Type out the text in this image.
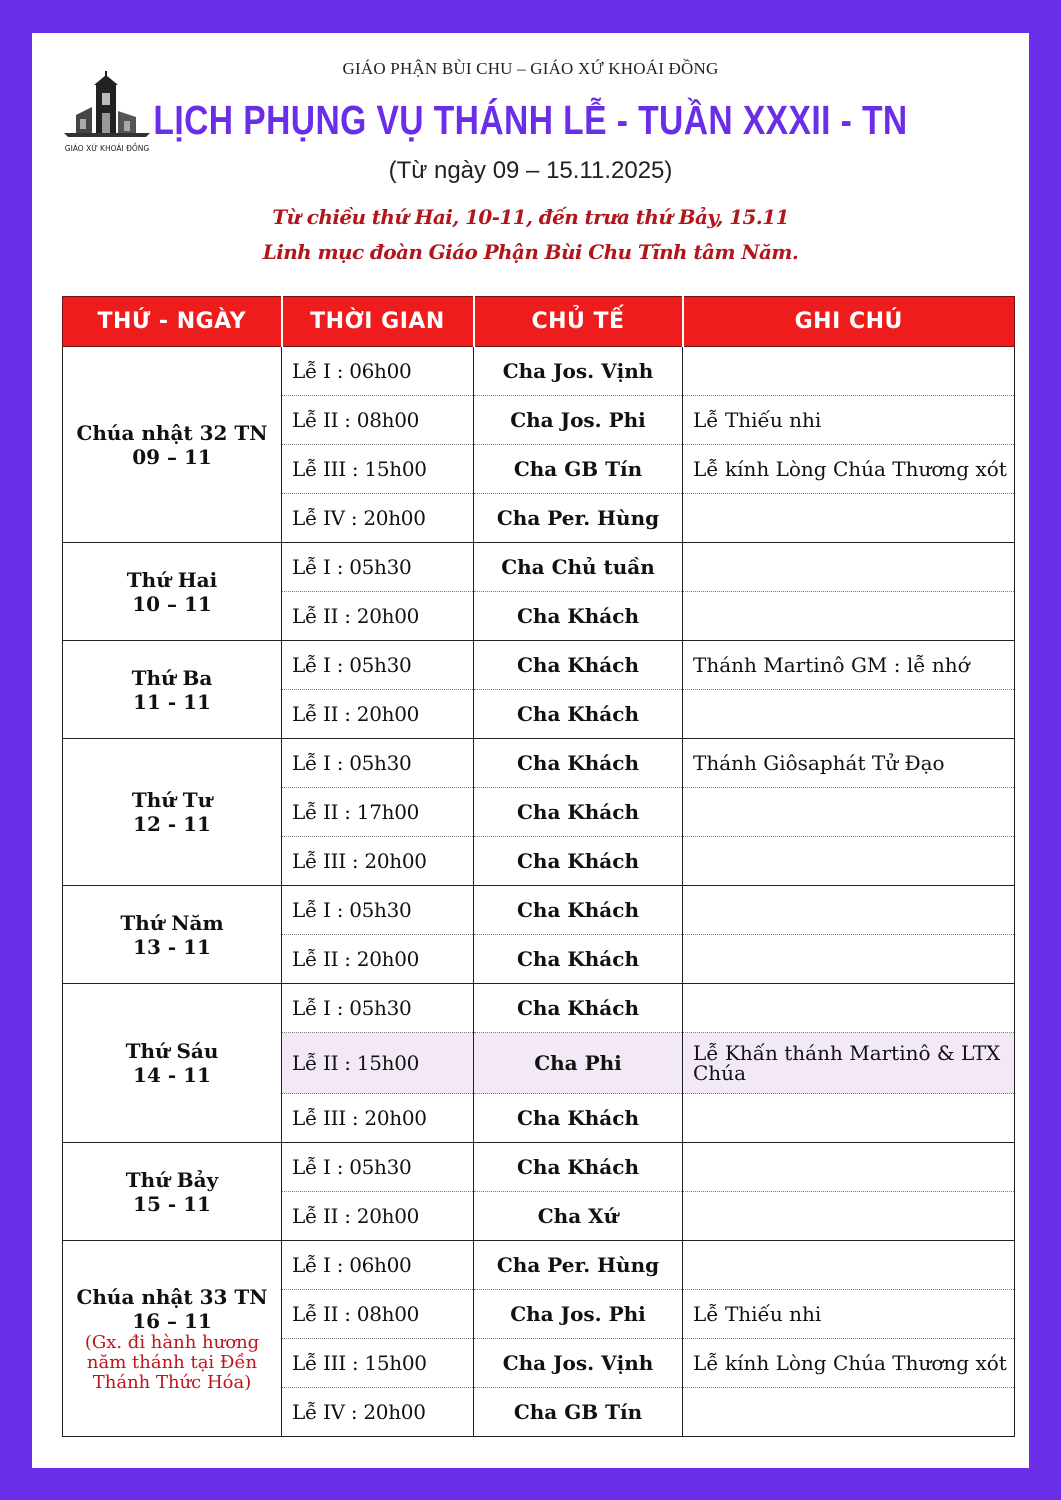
GIÁO XỨ KHOÁI ĐỒNG
GIÁO PHẬN BÙI CHU – GIÁO XỨ KHOÁI ĐỒNG
LỊCH PHỤNG VỤ THÁNH LỄ - TUẦN XXXII - TN
(Từ ngày 09 – 15.11.2025)
Từ chiều thứ Hai, 10-11, đến trưa thứ Bảy, 15.11
Linh mục đoàn Giáo Phận Bùi Chu Tĩnh tâm Năm.
THỨ - NGÀY	THỜI GIAN	CHỦ TẾ	GHI CHÚ

Chúa nhật 32 TN
09 – 11	Lễ I : 06h00	Cha Jos. Vịnh	
	Lễ II : 08h00	Cha Jos. Phi	Lễ Thiếu nhi
	Lễ III : 15h00	Cha GB Tín	Lễ kính Lòng Chúa Thương xót
	Lễ IV : 20h00	Cha Per. Hùng	

Thứ Hai
10 – 11	Lễ I : 05h30	Cha Chủ tuần	
	Lễ II : 20h00	Cha Khách	

Thứ Ba
11 - 11	Lễ I : 05h30	Cha Khách	Thánh Martinô GM : lễ nhớ
	Lễ II : 20h00	Cha Khách	

Thứ Tư
12 - 11	Lễ I : 05h30	Cha Khách	Thánh Giôsaphát Tử Đạo
	Lễ II : 17h00	Cha Khách	
	Lễ III : 20h00	Cha Khách	

Thứ Năm
13 - 11	Lễ I : 05h30	Cha Khách	
	Lễ II : 20h00	Cha Khách	

Thứ Sáu
14 - 11	Lễ I : 05h30	Cha Khách	
	Lễ II : 15h00	Cha Phi	Lễ Khấn thánh Martinô & LTX Chúa
	Lễ III : 20h00	Cha Khách	

Thứ Bảy
15 - 11	Lễ I : 05h30	Cha Khách	
	Lễ II : 20h00	Cha Xứ	

Chúa nhật 33 TN
16 – 11
(Gx. đi hành hương năm thánh tại Đền Thánh Thức Hóa)	Lễ I : 06h00	Cha Per. Hùng	
	Lễ II : 08h00	Cha Jos. Phi	Lễ Thiếu nhi
	Lễ III : 15h00	Cha Jos. Vịnh	Lễ kính Lòng Chúa Thương xót
	Lễ IV : 20h00	Cha GB Tín	
